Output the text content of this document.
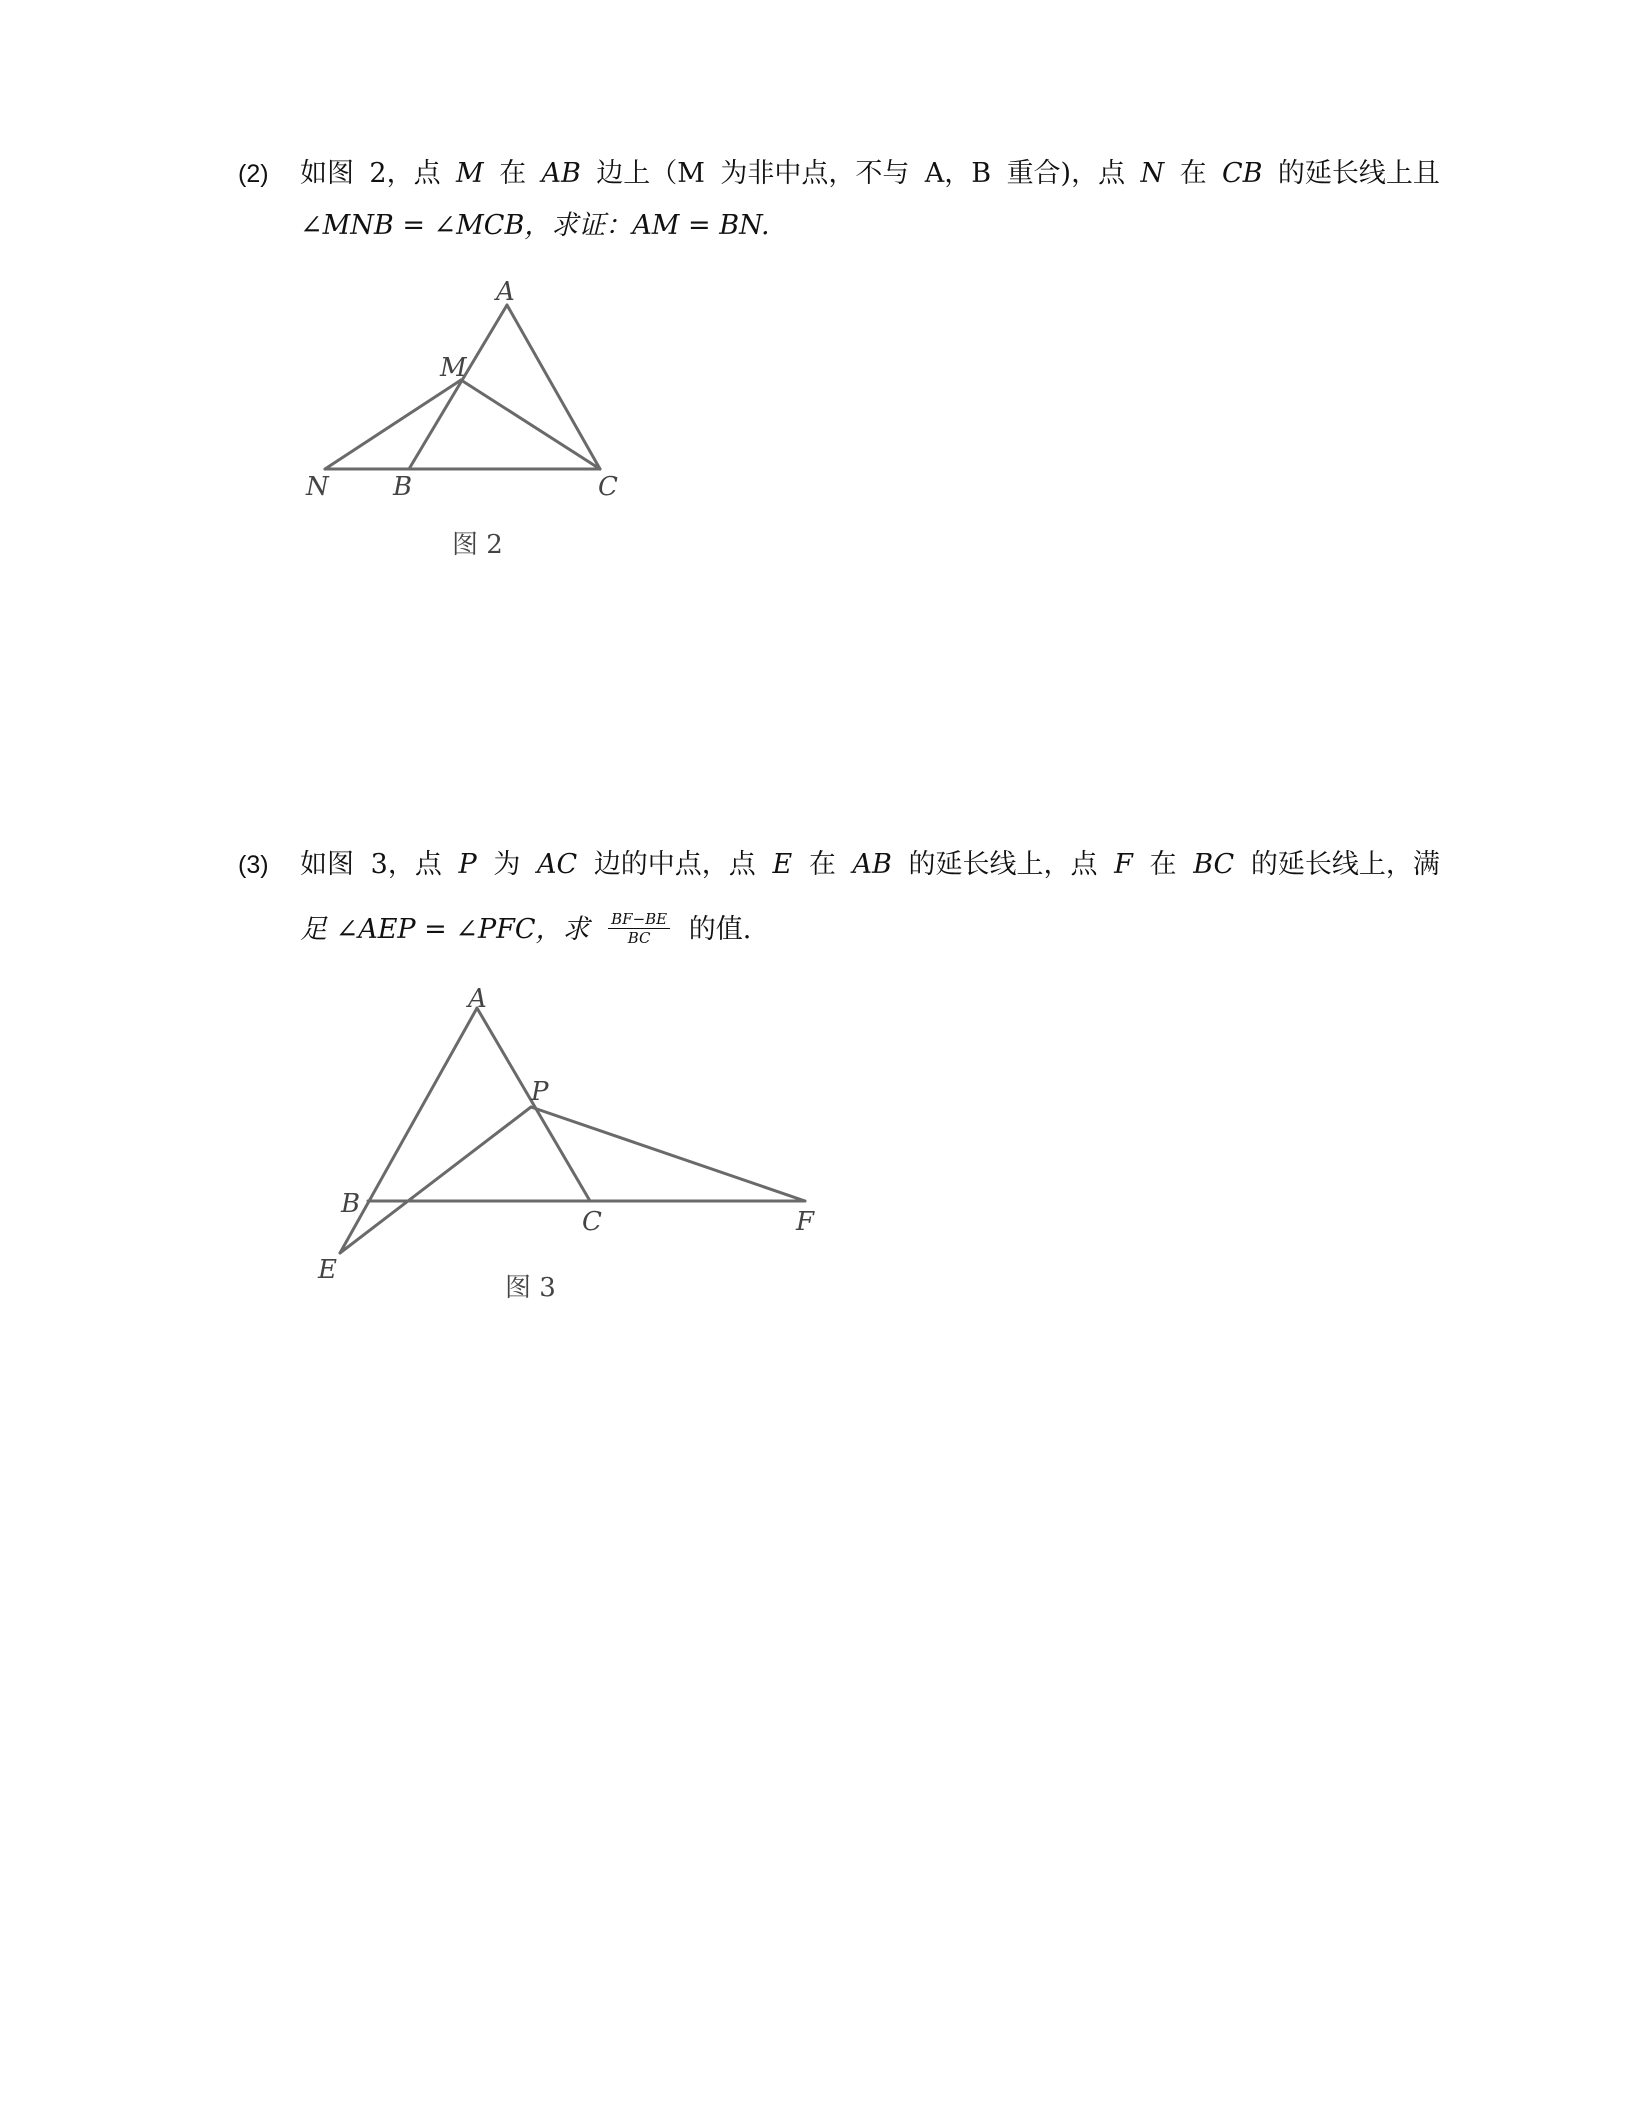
(2) 如图 2，点 M 在 AB 边上（M 为非中点，不与 A，B 重合)，点 N 在 CB 的延长线上且
∠MNB = ∠MCB，求证：AM = BN.
A
M
N B	C
图 2
(3) 如图 3，点 P 为 AC 边的中点，点 E 在 AB 的延长线上，点 F 在 BC 的延长线上，满
足 ∠AEP = ∠PFC，求 $\frac{BF-BE}{BC}$ 的值.
A
P
B
C	F
E
图 3
